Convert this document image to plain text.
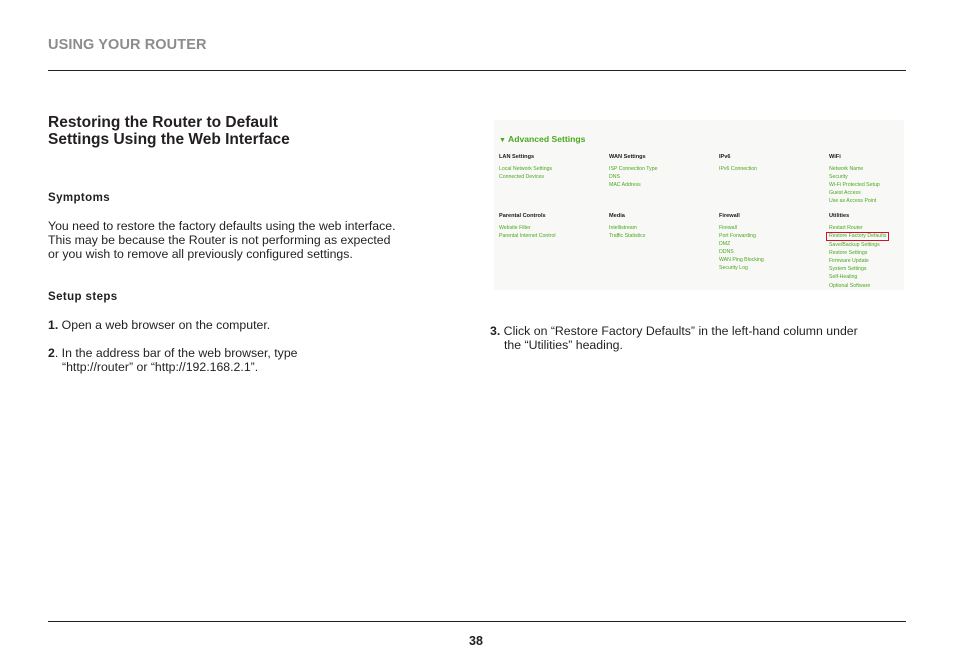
USING YOUR ROUTER
Restoring the Router to Default
Settings Using the Web Interface
Symptoms
You need to restore the factory defaults using the web interface.
This may be because the Router is not performing as expected
or you wish to remove all previously configured settings.
Setup steps
1. Open a web browser on the computer.
2. In the address bar of the web browser, type
“http://router” or “http://192.168.2.1”.
▼ Advanced Settings
LAN Settings
Local Network Settings
Connected Devices
WAN Settings
ISP Connection Type
DNS
MAC Address
IPv6
IPv6 Connection
WiFi
Network Name
Security
Wi-Fi Protected Setup
Guest Access
Use as Access Point
Parental Controls
Website Filter
Parental Internet Control
Media
Intellistream
Traffic Statistics
Firewall
Firewall
Port Forwarding
DMZ
DDNS
WAN Ping Blocking
Security Log
Utilities
Restart Router
Restore Factory Defaults
Save/Backup Settings
Restore Settings
Firmware Update
System Settings
Self-Healing
Optional Software
3. Click on “Restore Factory Defaults” in the left-hand column under
the “Utilities” heading.
38
